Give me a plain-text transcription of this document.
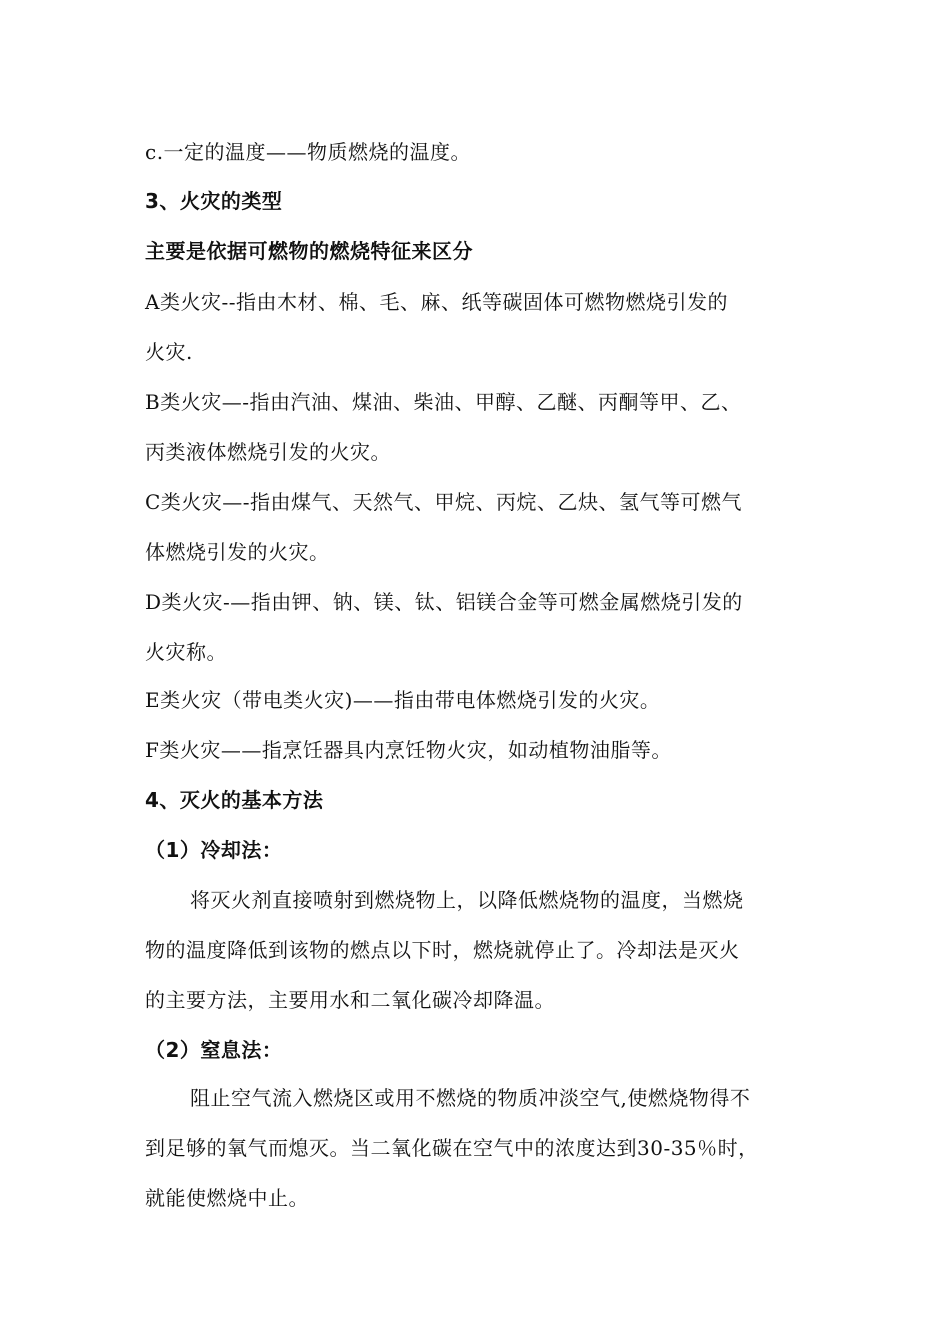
c.一定的温度——物质燃烧的温度。
3、火灾的类型
主要是依据可燃物的燃烧特征来区分
A类火灾--指由木材、棉、毛、麻、纸等碳固体可燃物燃烧引发的
火灾.
B类火灾—-指由汽油、煤油、柴油、甲醇、乙醚、丙酮等甲、乙、
丙类液体燃烧引发的火灾。
C类火灾—-指由煤气、天然气、甲烷、丙烷、乙炔、氢气等可燃气
体燃烧引发的火灾。
D类火灾-—指由钾、钠、镁、钛、铝镁合金等可燃金属燃烧引发的
火灾称。
E类火灾（带电类火灾)——指由带电体燃烧引发的火灾。
F类火灾——指烹饪器具内烹饪物火灾，如动植物油脂等。
4、灭火的基本方法
（1）冷却法：
将灭火剂直接喷射到燃烧物上，以降低燃烧物的温度，当燃烧
物的温度降低到该物的燃点以下时，燃烧就停止了。冷却法是灭火
的主要方法，主要用水和二氧化碳冷却降温。
（2）窒息法：
阻止空气流入燃烧区或用不燃烧的物质冲淡空气,使燃烧物得不
到足够的氧气而熄灭。当二氧化碳在空气中的浓度达到30-35％时，
就能使燃烧中止。
